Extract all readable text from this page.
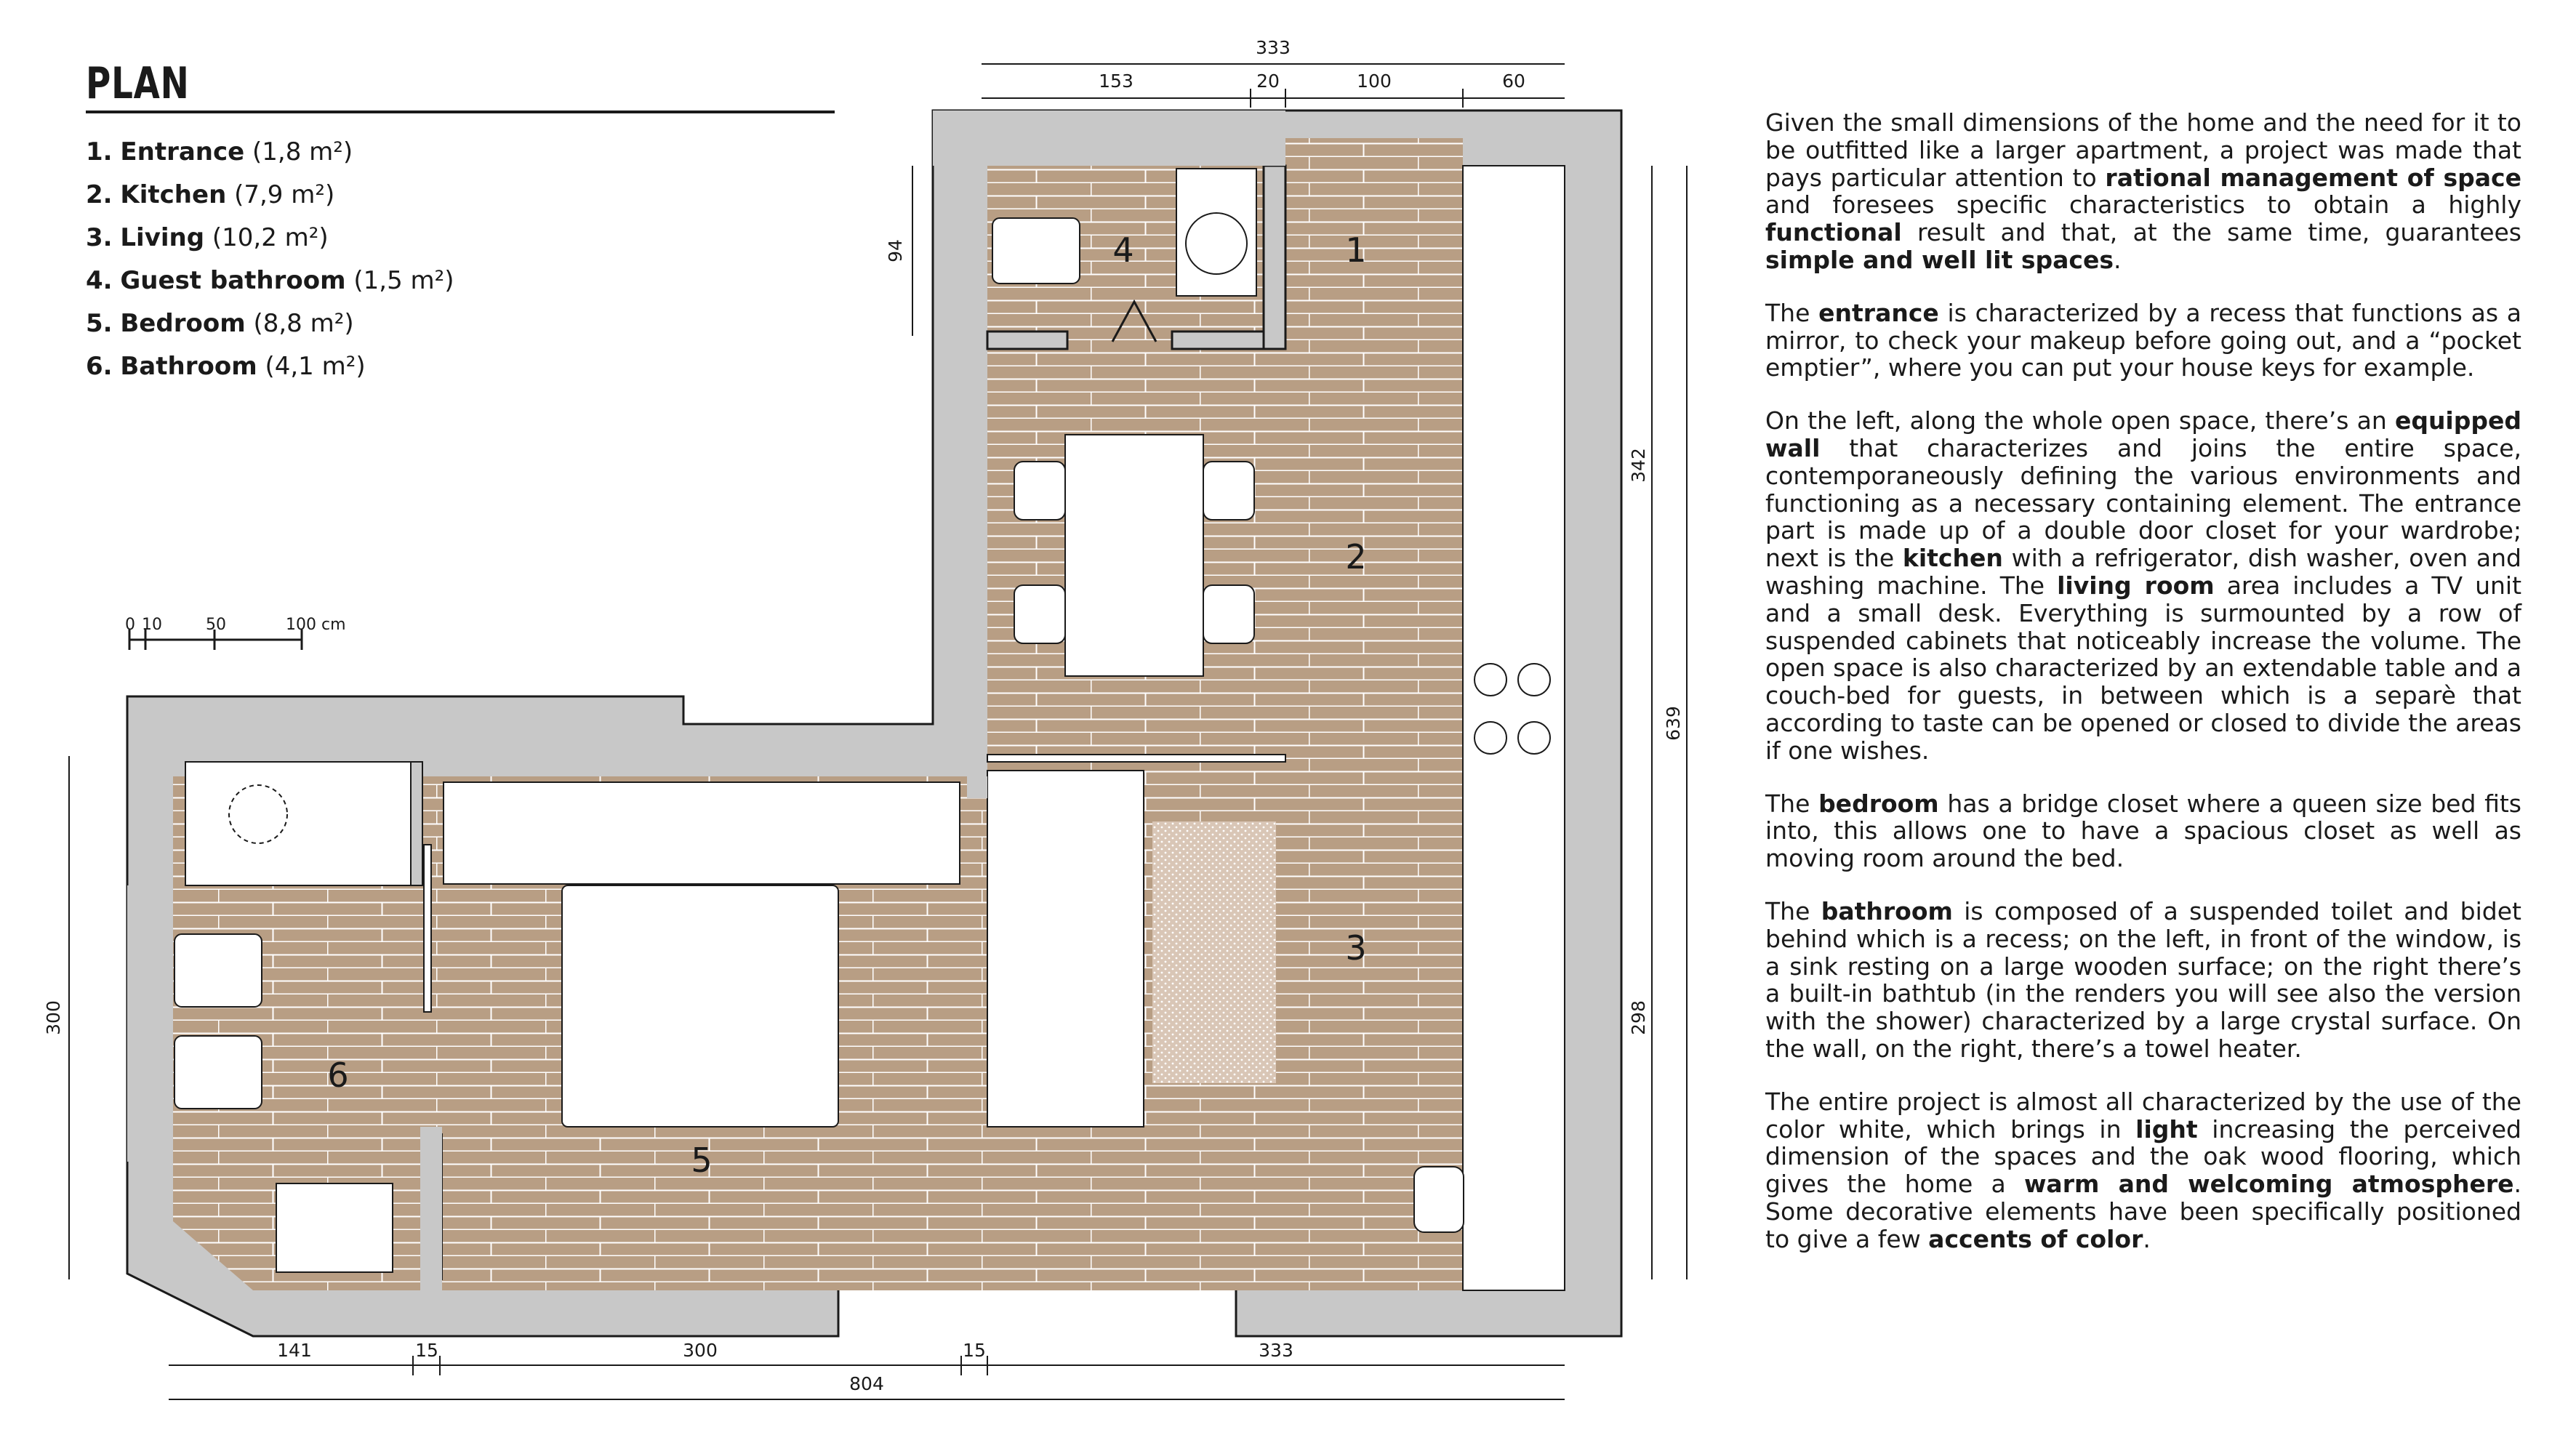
PLAN
1. Entrance (1,8 m²)
2. Kitchen (7,9 m²)
3. Living (10,2 m²)
4. Guest bathroom (1,5 m²)
5. Bedroom (8,8 m²)
6. Bathroom (4,1 m²)
1
2
3
4
5
6
0 10	50	100 cm
333
153	20	100	60
94
342
639
298
300
141	15	300	15	333
804

Given the small dimensions of the home and the need for it to be outfitted like a larger apartment, a project was made that pays particular attention to rational management of space and foresees specific characteristics to obtain a highly functional result and that, at the same time, guarantees simple and well lit spaces.

The entrance is characterized by a recess that functions as a mirror, to check your makeup before going out, and a “pocket emptier”, where you can put your house keys for example.

On the left, along the whole open space, there’s an equipped wall that characterizes and joins the entire space, contemporaneously defining the various environments and functioning as a necessary containing element. The entrance part is made up of a double door closet for your wardrobe; next is the kitchen with a refrigerator, dish washer, oven and washing machine. The living room area includes a TV unit and a small desk. Everything is surmounted by a row of suspended cabinets that noticeably increase the volume. The open space is also characterized by an extendable table and a couch-bed for guests, in between which is a separè that according to taste can be opened or closed to divide the areas if one wishes.

The bedroom has a bridge closet where a queen size bed fits into, this allows one to have a spacious closet as well as moving room around the bed.

The bathroom is composed of a suspended toilet and bidet behind which is a recess; on the left, in front of the window, is a sink resting on a large wooden surface; on the right there’s a built-in bathtub (in the renders you will see also the version with the shower) characterized by a large crystal surface. On the wall, on the right, there’s a towel heater.

The entire project is almost all characterized by the use of the color white, which brings in light increasing the perceived dimension of the spaces and the oak wood flooring, which gives the home a warm and welcoming atmosphere. Some decorative elements have been specifically positioned to give a few accents of color.
